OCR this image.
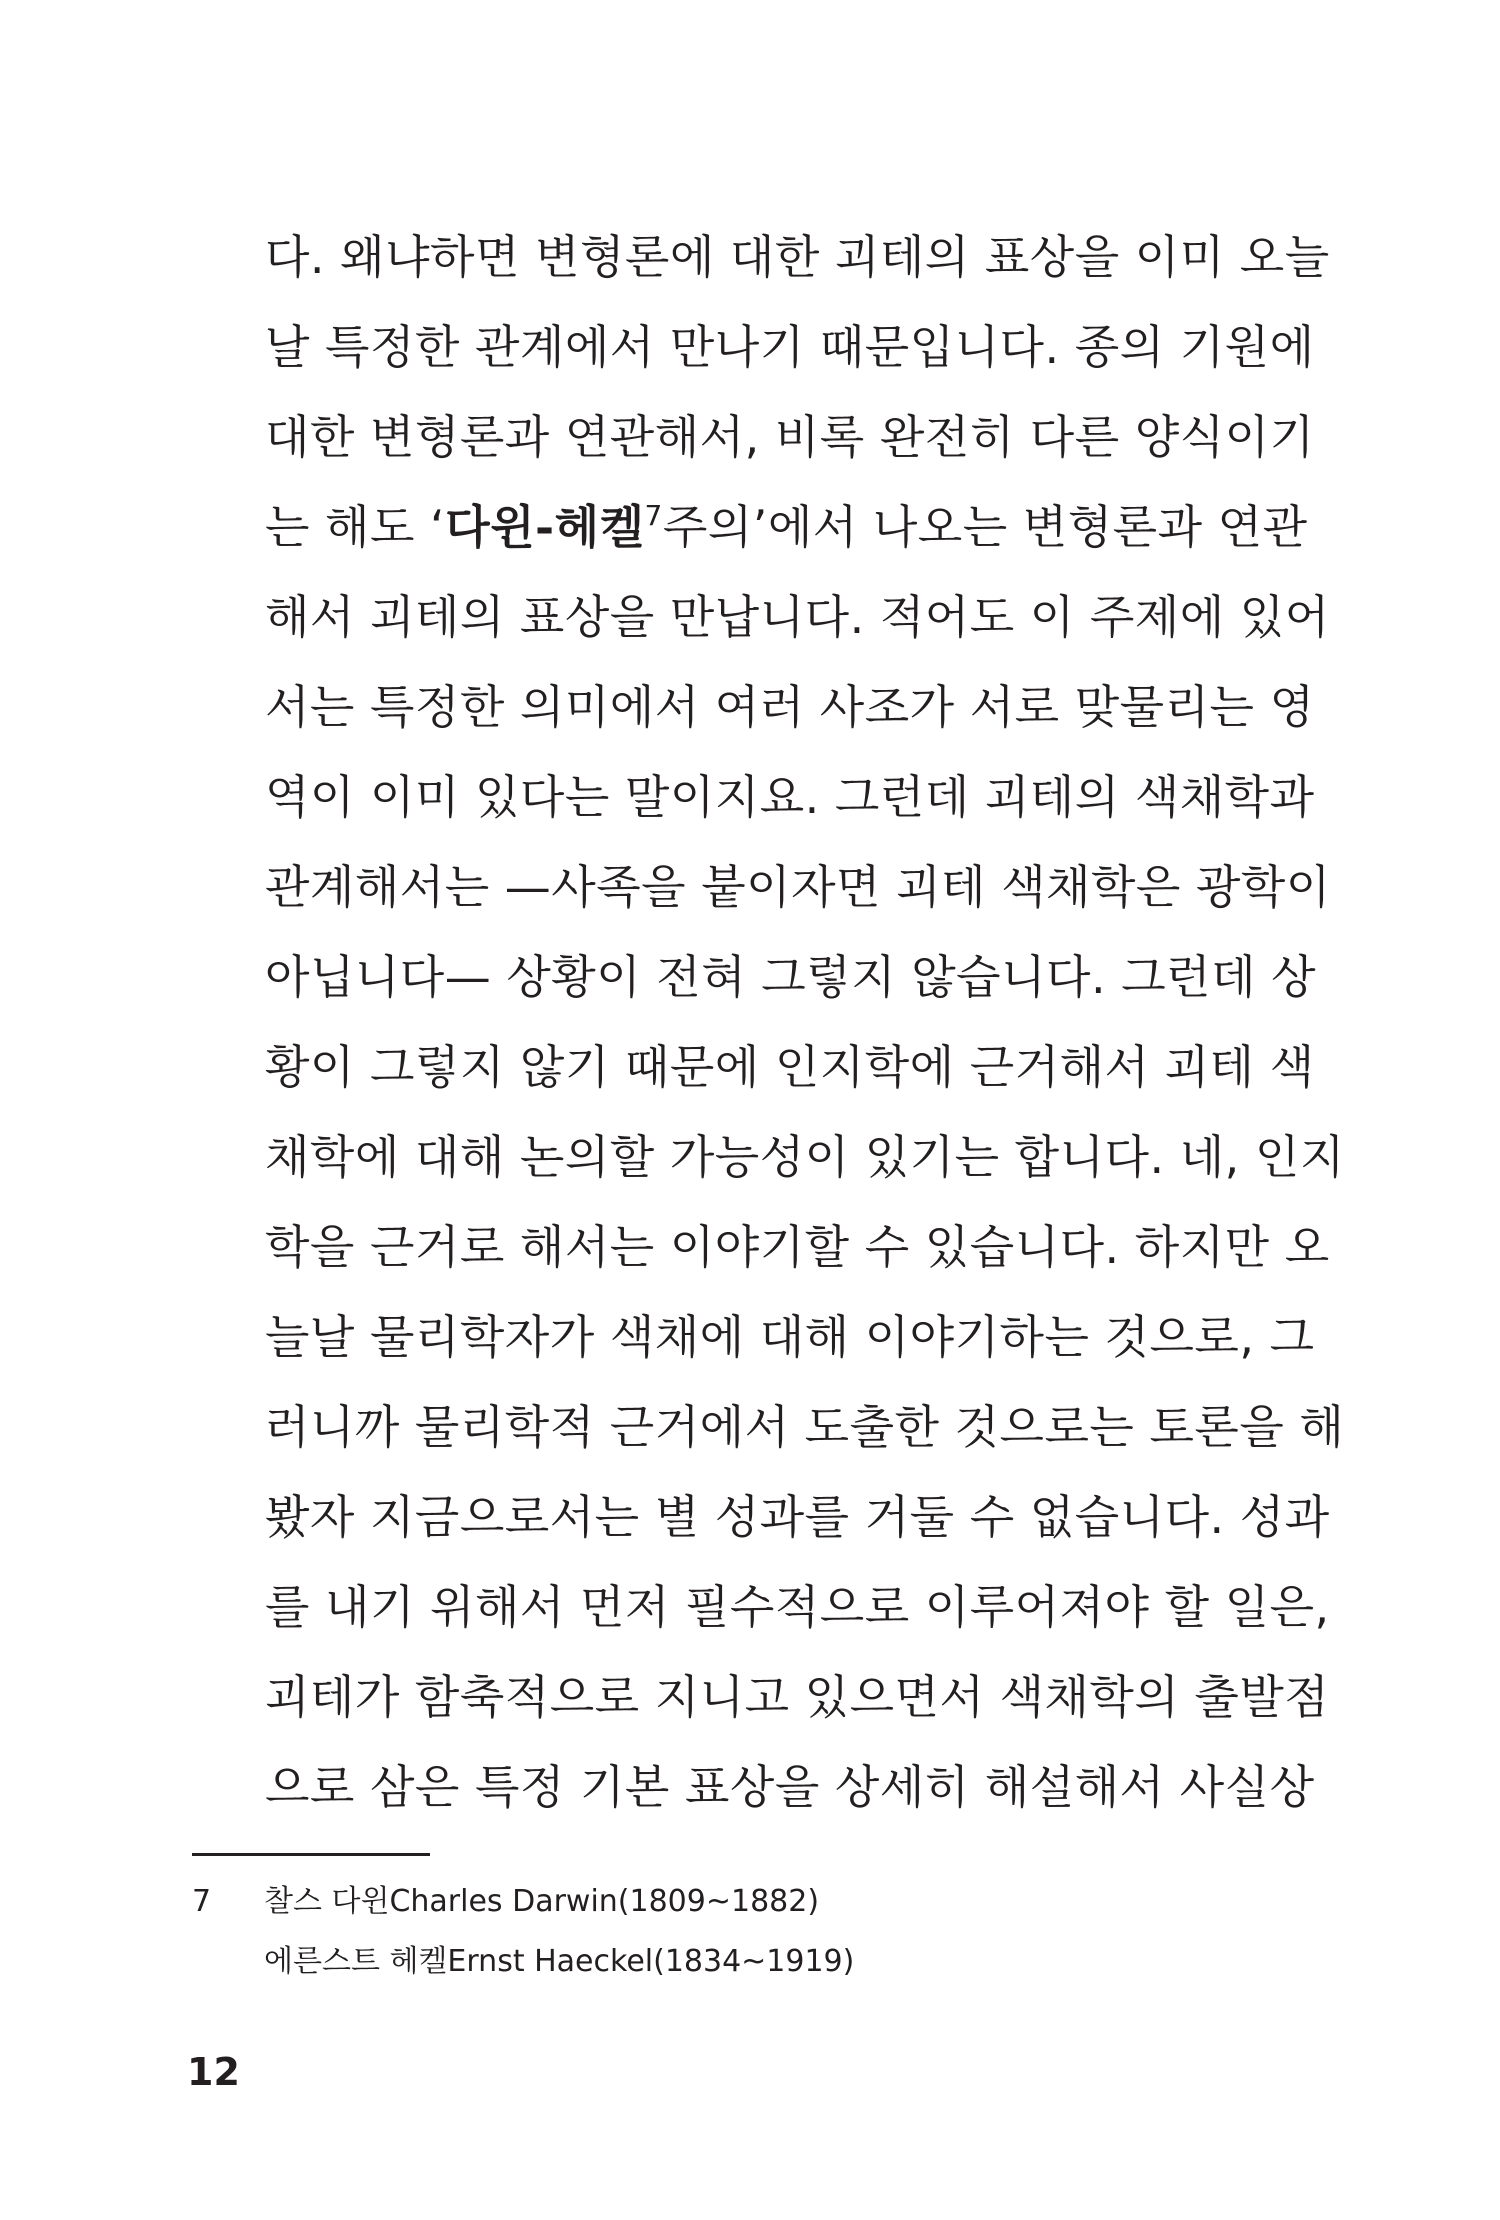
다. 왜냐하면 변형론에 대한 괴테의 표상을 이미 오늘
날 특정한 관계에서 만나기 때문입니다. 종의 기원에
대한 변형론과 연관해서, 비록 완전히 다른 양식이기
는 해도 ‘다윈-헤켈$^7$주의’에서 나오는 변형론과 연관
해서 괴테의 표상을 만납니다. 적어도 이 주제에 있어
서는 특정한 의미에서 여러 사조가 서로 맞물리는 영
역이 이미 있다는 말이지요. 그런데 괴테의 색채학과
관계해서는 —사족을 붙이자면 괴테 색채학은 광학이
아닙니다— 상황이 전혀 그렇지 않습니다. 그런데 상
황이 그렇지 않기 때문에 인지학에 근거해서 괴테 색
채학에 대해 논의할 가능성이 있기는 합니다. 네, 인지
학을 근거로 해서는 이야기할 수 있습니다. 하지만 오
늘날 물리학자가 색채에 대해 이야기하는 것으로, 그
러니까 물리학적 근거에서 도출한 것으로는 토론을 해
봤자 지금으로서는 별 성과를 거둘 수 없습니다. 성과
를 내기 위해서 먼저 필수적으로 이루어져야 할 일은,
괴테가 함축적으로 지니고 있으면서 색채학의 출발점
으로 삼은 특정 기본 표상을 상세히 해설해서 사실상
7 찰스 다윈Charles Darwin(1809~1882)
에른스트 헤켈Ernst Haeckel(1834~1919)
12
